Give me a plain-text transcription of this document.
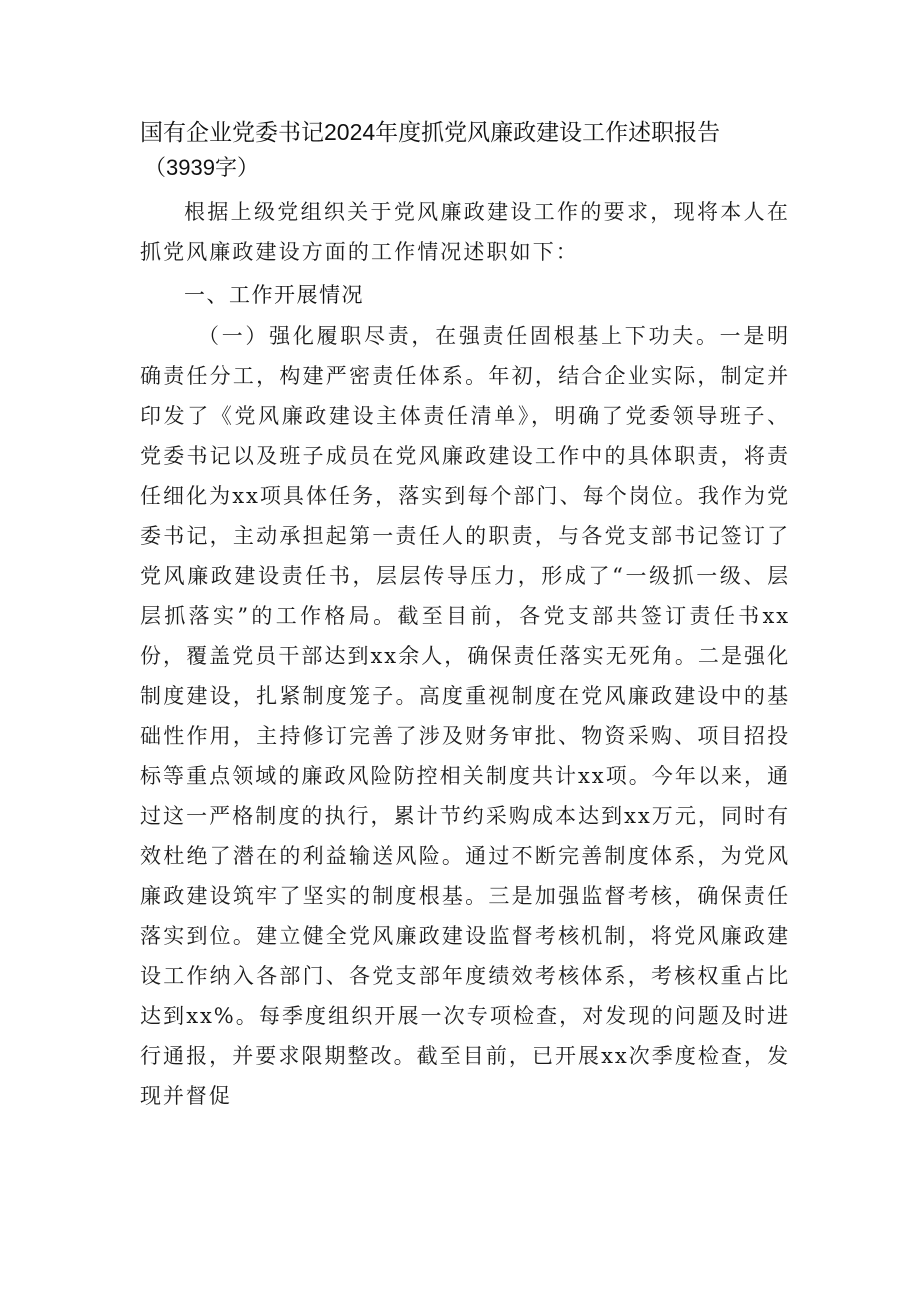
国有企业党委书记2024年度抓党风廉政建设工作述职报告
（3939字）

根据上级党组织关于党风廉政建设工作的要求，现将本人在抓党风廉政建设方面的工作情况述职如下：

一、工作开展情况

（一）强化履职尽责，在强责任固根基上下功夫。一是明确责任分工，构建严密责任体系。年初，结合企业实际，制定并印发了《党风廉政建设主体责任清单》，明确了党委领导班子、党委书记以及班子成员在党风廉政建设工作中的具体职责，将责任细化为xx项具体任务，落实到每个部门、每个岗位。我作为党委书记，主动承担起第一责任人的职责，与各党支部书记签订了党风廉政建设责任书，层层传导压力，形成了“一级抓一级、层层抓落实”的工作格局。截至目前，各党支部共签订责任书xx份，覆盖党员干部达到xx余人，确保责任落实无死角。二是强化制度建设，扎紧制度笼子。高度重视制度在党风廉政建设中的基础性作用，主持修订完善了涉及财务审批、物资采购、项目招投标等重点领域的廉政风险防控相关制度共计xx项。今年以来，通过这一严格制度的执行，累计节约采购成本达到xx万元，同时有效杜绝了潜在的利益输送风险。通过不断完善制度体系，为党风廉政建设筑牢了坚实的制度根基。三是加强监督考核，确保责任落实到位。建立健全党风廉政建设监督考核机制，将党风廉政建设工作纳入各部门、各党支部年度绩效考核体系，考核权重占比达到xx%。每季度组织开展一次专项检查，对发现的问题及时进行通报，并要求限期整改。截至目前，已开展xx次季度检查，发现并督促
